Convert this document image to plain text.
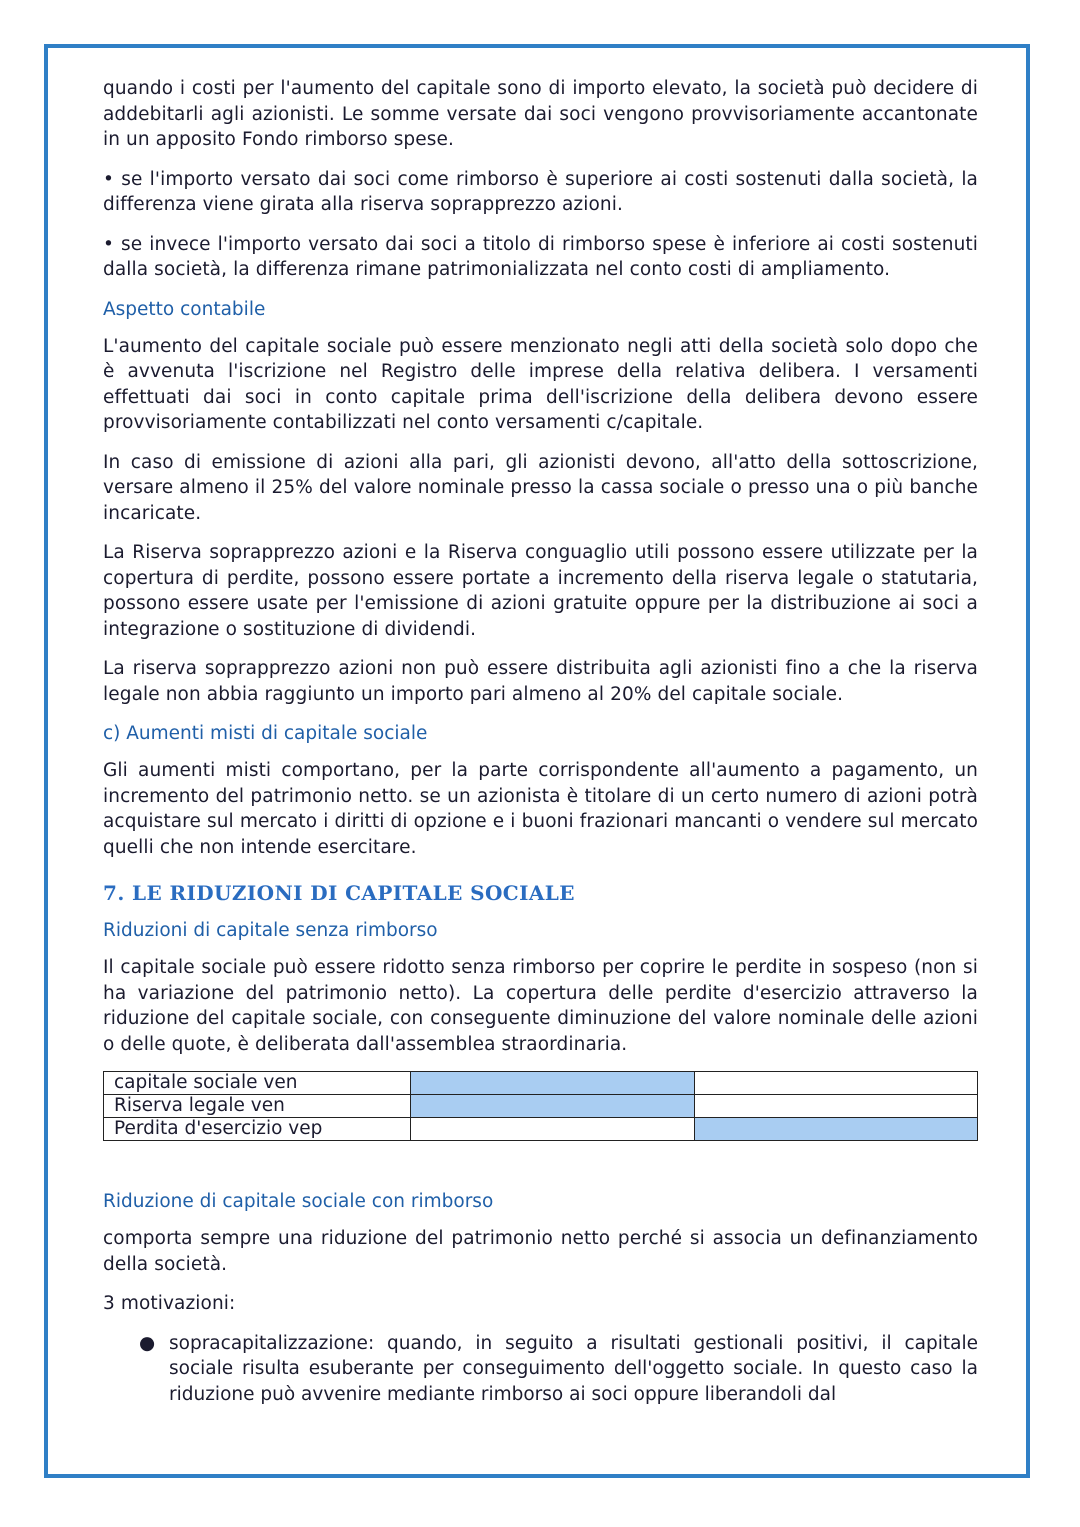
quando i costi per l'aumento del capitale sono di importo elevato, la società può decidere di addebitarli agli azionisti. Le somme versate dai soci vengono provvisoriamente accantonate in un apposito Fondo rimborso spese.

• se l'importo versato dai soci come rimborso è superiore ai costi sostenuti dalla società, la differenza viene girata alla riserva soprapprezzo azioni.

• se invece l'importo versato dai soci a titolo di rimborso spese è inferiore ai costi sostenuti dalla società, la differenza rimane patrimonializzata nel conto costi di ampliamento.

Aspetto contabile

L'aumento del capitale sociale può essere menzionato negli atti della società solo dopo che è avvenuta l'iscrizione nel Registro delle imprese della relativa delibera. I versamenti effettuati dai soci in conto capitale prima dell'iscrizione della delibera devono essere provvisoriamente contabilizzati nel conto versamenti c/capitale.

In caso di emissione di azioni alla pari, gli azionisti devono, all'atto della sottoscrizione, versare almeno il 25% del valore nominale presso la cassa sociale o presso una o più banche incaricate.

La Riserva soprapprezzo azioni e la Riserva conguaglio utili possono essere utilizzate per la copertura di perdite, possono essere portate a incremento della riserva legale o statutaria, possono essere usate per l'emissione di azioni gratuite oppure per la distribuzione ai soci a integrazione o sostituzione di dividendi.

La riserva soprapprezzo azioni non può essere distribuita agli azionisti fino a che la riserva legale non abbia raggiunto un importo pari almeno al 20% del capitale sociale.

c) Aumenti misti di capitale sociale

Gli aumenti misti comportano, per la parte corrispondente all'aumento a pagamento, un incremento del patrimonio netto. se un azionista è titolare di un certo numero di azioni potrà acquistare sul mercato i diritti di opzione e i buoni frazionari mancanti o vendere sul mercato quelli che non intende esercitare.

7. LE RIDUZIONI DI CAPITALE SOCIALE
Riduzioni di capitale senza rimborso

Il capitale sociale può essere ridotto senza rimborso per coprire le perdite in sospeso (non si ha variazione del patrimonio netto). La copertura delle perdite d'esercizio attraverso la riduzione del capitale sociale, con conseguente diminuzione del valore nominale delle azioni o delle quote, è deliberata dall'assemblea straordinaria.

capitale sociale ven		
Riserva legale ven		
Perdita d'esercizio vep		
Riduzione di capitale sociale con rimborso

comporta sempre una riduzione del patrimonio netto perché si associa un definanziamento della società.

3 motivazioni:

● sopracapitalizzazione: quando, in seguito a risultati gestionali positivi, il capitale sociale risulta esuberante per conseguimento dell'oggetto sociale. In questo caso la riduzione può avvenire mediante rimborso ai soci oppure liberandoli dal
